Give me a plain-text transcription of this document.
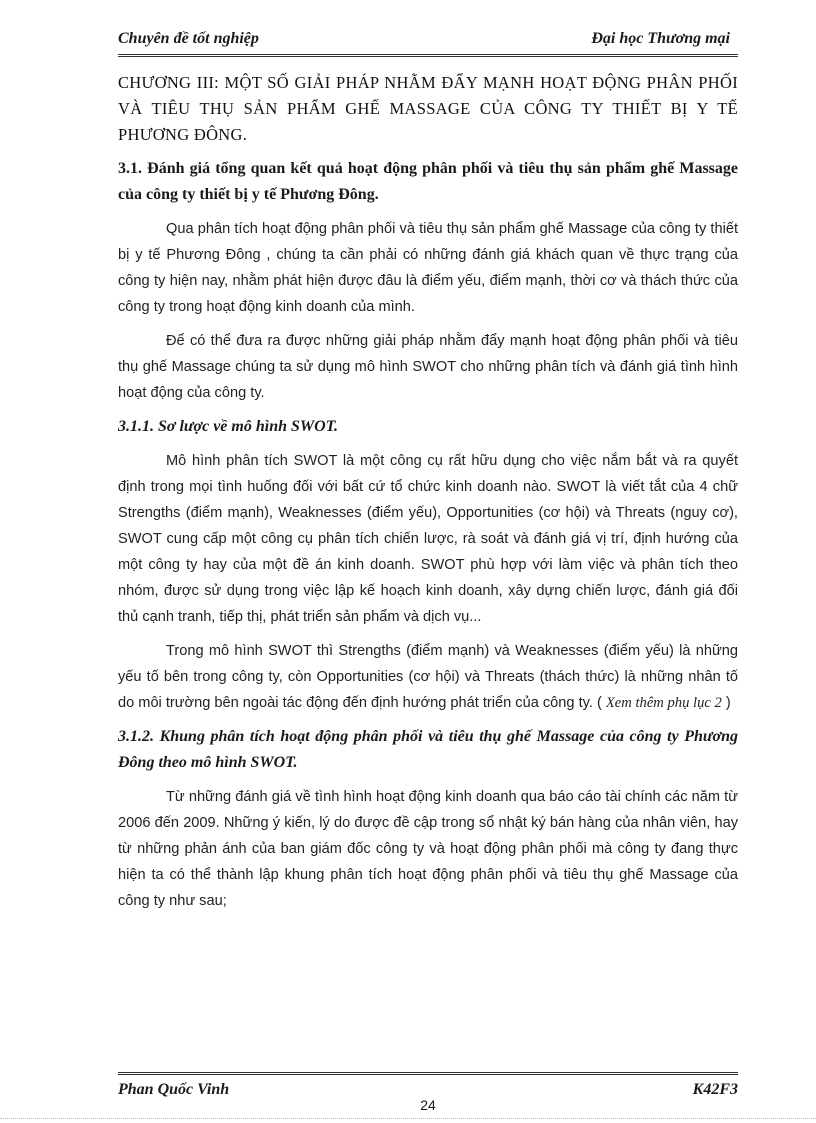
Chuyên đề tốt nghiệp	Đại học Thương mại

CHƯƠNG III: MỘT SỐ GIẢI PHÁP NHẰM ĐẨY MẠNH HOẠT ĐỘNG PHÂN PHỐI VÀ TIÊU THỤ SẢN PHẨM GHẾ MASSAGE CỦA CÔNG TY THIẾT BỊ Y TẾ PHƯƠNG ĐÔNG.

3.1. Đánh giá tổng quan kết quả hoạt động phân phối và tiêu thụ sản phẩm ghế Massage của công ty thiết bị y tế Phương Đông.

Qua phân tích hoạt động phân phối và tiêu thụ sản phẩm ghế Massage của công ty thiết bị y tế Phương Đông , chúng ta cần phải có những đánh giá khách quan về thực trạng của công ty hiện nay, nhằm phát hiện được đâu là điểm yếu, điểm mạnh, thời cơ và thách thức của công ty trong hoạt động kinh doanh của mình.

Để có thể đưa ra được những giải pháp nhằm đẩy mạnh hoạt động phân phối và tiêu thụ ghế Massage chúng ta sử dụng mô hình SWOT cho những phân tích và đánh giá tình hình hoạt động của công ty.

3.1.1. Sơ lược về mô hình SWOT.

Mô hình phân tích SWOT là một công cụ rất hữu dụng cho việc nắm bắt và ra quyết định trong mọi tình huống đối với bất cứ tổ chức kinh doanh nào. SWOT là viết tắt của 4 chữ Strengths (điểm mạnh), Weaknesses (điểm yếu), Opportunities (cơ hội) và Threats (nguy cơ), SWOT cung cấp một công cụ phân tích chiến lược, rà soát và đánh giá vị trí, định hướng của một công ty hay của một đề án kinh doanh. SWOT phù hợp với làm việc và phân tích theo nhóm, được sử dụng trong việc lập kế hoạch kinh doanh, xây dựng chiến lược, đánh giá đối thủ cạnh tranh, tiếp thị, phát triển sản phẩm và dịch vụ...

Trong mô hình SWOT thì Strengths (điểm mạnh) và Weaknesses (điểm yếu) là những yếu tố bên trong công ty, còn Opportunities (cơ hội) và Threats (thách thức) là những nhân tố do môi trường bên ngoài tác động đến định hướng phát triển của công ty. ( Xem thêm phụ lục 2 )

3.1.2. Khung phân tích hoạt động phân phối và tiêu thụ ghế Massage của công ty Phương Đông theo mô hình SWOT.

Từ những đánh giá về tình hình hoạt động kinh doanh qua báo cáo tài chính các năm từ 2006 đến 2009. Những ý kiến, lý do được đề cập trong sổ nhật ký bán hàng của nhân viên, hay từ những phản ánh của ban giám đốc công ty và hoạt động phân phối mà công ty đang thực hiện ta có thể thành lập khung phân tích hoạt động phân phối và tiêu thụ ghế Massage của công ty như sau;

Phan Quốc Vinh
24
K42F3
